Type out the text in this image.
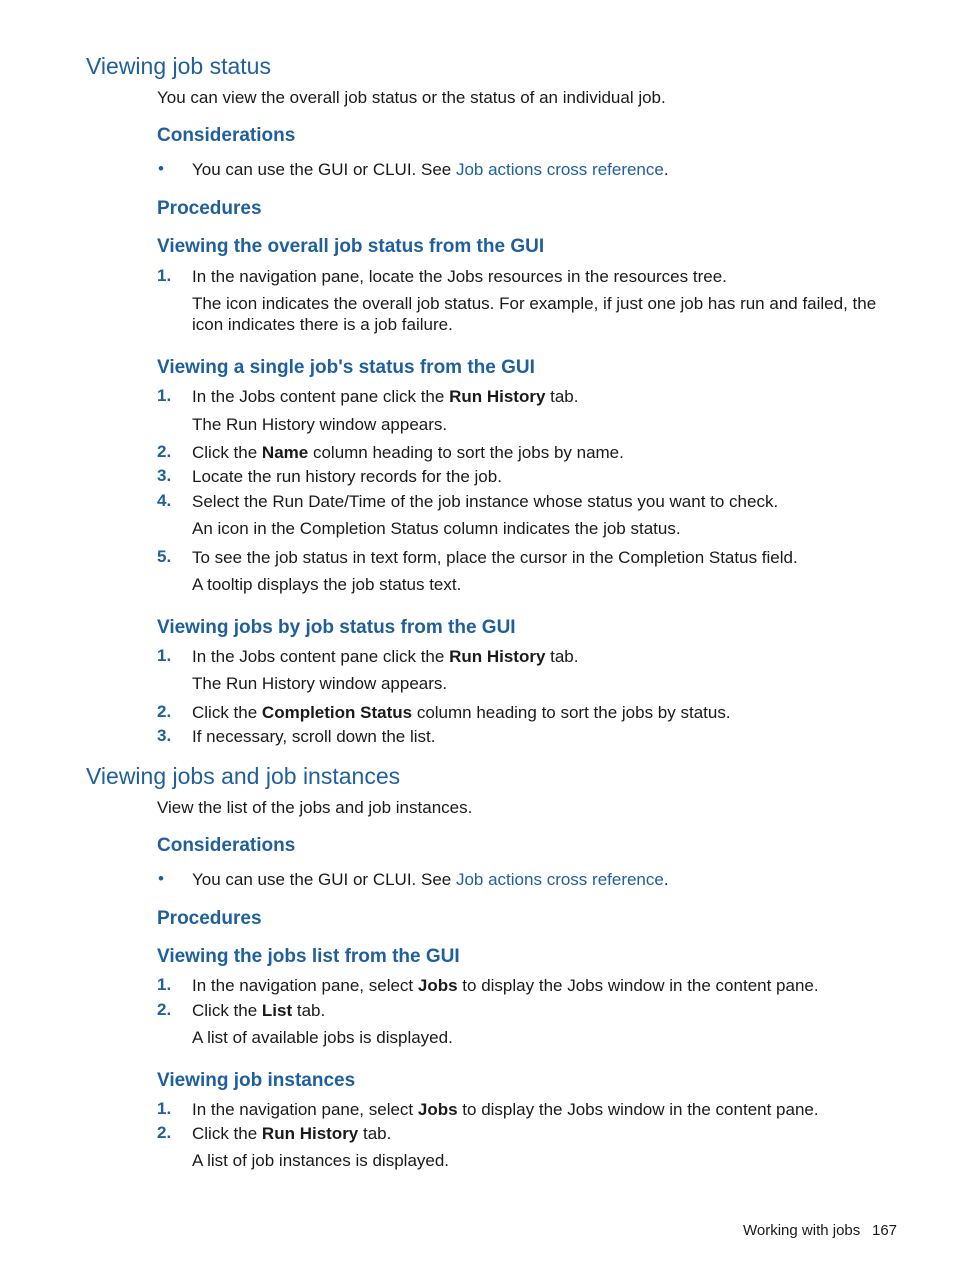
Viewing job status

You can view the overall job status or the status of an individual job.

Considerations
• You can use the GUI or CLUI. See Job actions cross reference.

Procedures
Viewing the overall job status from the GUI
1. In the navigation pane, locate the Jobs resources in the resources tree.

The icon indicates the overall job status. For example, if just one job has run and failed, the

icon indicates there is a job failure.

Viewing a single job's status from the GUI
1. In the Jobs content pane click the Run History tab.

The Run History window appears.

2. Click the Name column heading to sort the jobs by name.

3. Locate the run history records for the job.

4. Select the Run Date/Time of the job instance whose status you want to check.

An icon in the Completion Status column indicates the job status.

5. To see the job status in text form, place the cursor in the Completion Status field.

A tooltip displays the job status text.

Viewing jobs by job status from the GUI
1. In the Jobs content pane click the Run History tab.

The Run History window appears.

2. Click the Completion Status column heading to sort the jobs by status.

3. If necessary, scroll down the list.

Viewing jobs and job instances

View the list of the jobs and job instances.

Considerations
• You can use the GUI or CLUI. See Job actions cross reference.

Procedures
Viewing the jobs list from the GUI
1. In the navigation pane, select Jobs to display the Jobs window in the content pane.

2. Click the List tab.

A list of available jobs is displayed.

Viewing job instances
1. In the navigation pane, select Jobs to display the Jobs window in the content pane.

2. Click the Run History tab.

A list of job instances is displayed.

Working with jobs 167
